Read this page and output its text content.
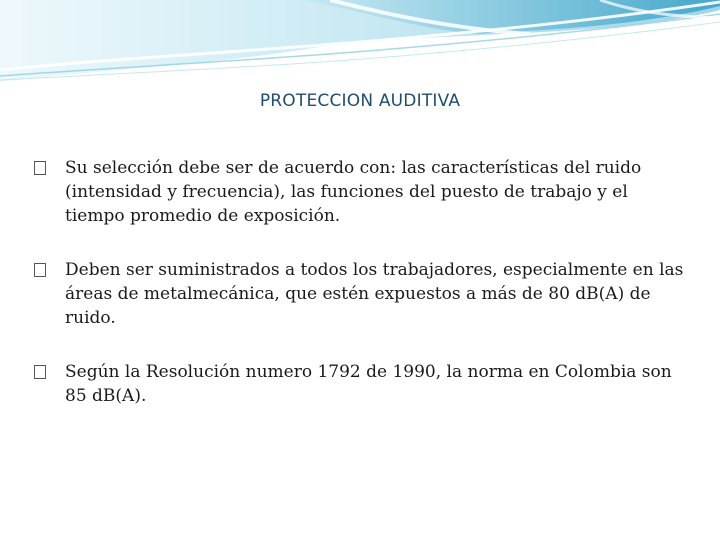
PROTECCION AUDITIVA
Su selección debe ser de acuerdo con: las características del ruido (intensidad y frecuencia), las funciones del puesto de trabajo y el tiempo promedio de exposición.
Deben ser suministrados a todos los trabajadores, especialmente en las áreas de metalmecánica, que estén expuestos a más de 80 dB(A) de ruido.
Según la Resolución numero 1792 de 1990, la norma en Colombia son 85 dB(A).
